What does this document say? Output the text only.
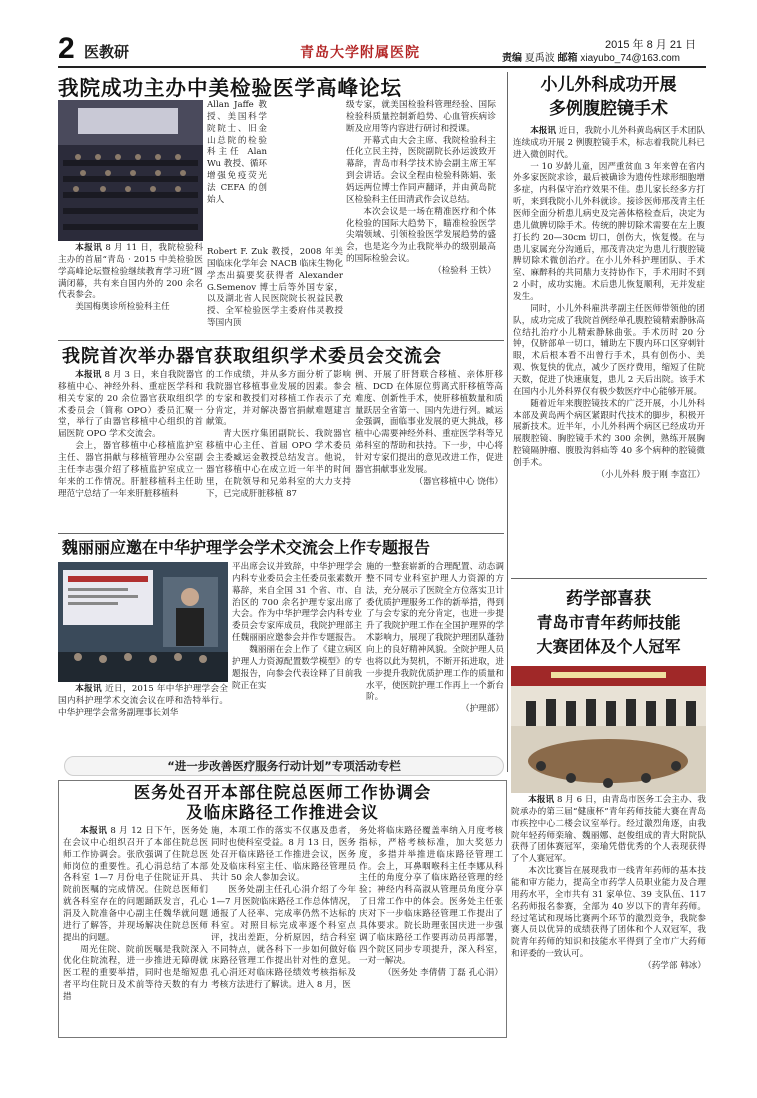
2 医教研	青岛大学附属医院	2015 年 8 月 21 日
责编 夏禹波 邮箱 xiayubo_74@163.com
我院成功主办中美检验医学高峰论坛

本报讯 8 月 11 日，我院检验科主办的首届“青岛 · 2015 中美检验医学高峰论坛暨检验继续教育学习班”圆满闭幕，共有来自国内外的 200 余名代表参会。

美国梅奥诊所检验科主任

Allan Jaffe 教授、美国科学院院士、旧金山总院的检验科主任 Alan Wu 教授、循环增强免疫荧光法 CEFA 的创始人

Robert F. Zuk 教授，2008 年美国临床化学年会 NACB 临床生物化学杰出搞要奖获得者 Alexander G.Semenov 博士后等外国专家，以及湖北省人民医院院长祝益民教授、全军检验医学主委府伟灵教授等国内顶

级专家，就美国检验科管理经验、国际检验科质量控制新趋势、心血管疾病诊断及应用等内容进行研讨和授课。

开幕式由大会主席、我院检验科主任化立民主持，医院副院长孙运波致开幕辞，青岛市科学技术协会副主席王军到会讲话。会议全程由检验科陈娟、张妈远两位博士作同声翻译，并由黄岛院区检验科主任田清武作会议总结。

本次会议是一场在精准医疗和个体化检验的国际大趋势下，瞄准检验医学尖端领域、引领检验医学发展趋势的盛会，也是迄今为止我院举办的级别最高的国际检验会议。

（检验科 王铁）

我院首次举办器官获取组织学术委员会交流会

本报讯 8 月 3 日，来自我院器官移植中心、神经外科、重症医学科和相关专家的 20 余位器官获取组织学术委员会（简称 OPO）委员汇聚一堂，举行了由器官移植中心组织的首届医院 OPO 学术交流会。

会上，器官移植中心移植监护室主任、器官捐献与移植管理办公室副主任李志强介绍了移植监护室成立一年来的工作情况。肝脏移植科主任助理范宁总结了一年来肝脏移植科

的工作成绩，并从多方面分析了影响我院器官移植事业发展的因素。参会的专家和教授们对移植工作表示了充分肯定，并对解决器官捐献难题建言献策。

青大医疗集团副院长、我院器官移植中心主任、首届 OPO 学术委员会主委臧运金教授总结发言。他说，器官移植中心在成立近一年半的时间里，在院领导和兄弟科室的大力支持下，已完成肝脏移植 87

例、开展了肝肾联合移植、亲体肝移植、DCD 在体原位剪离式肝移植等高难度、创新性手术，使肝移植数量和质量跃居全省第一、国内先进行列。臧运金强调，面临事业发展的更大挑战，移植中心需要神经外科、重症医学科等兄弟科室的帮助和扶持。下一步，中心将针对专家们提出的意见改进工作，促进器官捐献事业发展。

（器官移植中心 饶伟）

魏丽丽应邀在中华护理学会学术交流会上作专题报告

本报讯 近日，2015 年中华护理学会全国内科护理学术交流会议在呼和浩特举行。中华护理学会常务副理事长刘华

平出席会议并致辞，中华护理学会内科专业委员会主任委员张素数开幕辞，来自全国 31 个省、市、自治区的 700 余名护理专家出席了大会。作为中华护理学会内科专业委员会专家库成员，我院护理部主任魏丽丽应邀参会并作专题报告。

魏丽丽在会上作了《建立病区护理人力资源配置数学模型》的专题报告，向参会代表诠释了目前我院正在实

施的一整套崭新的合理配置、动态调整不同专业科室护理人力资源的方法，充分展示了医院全方位落实卫计委优质护理服务工作的新举措，得到了与会专家的充分肯定，也进一步提升了我院护理工作在全国护理界的学术影响力，展现了我院护理团队蓬勃向上的良好精神风貌。全院护理人员也将以此为契机，不断开拓进取，进一步提升我院优质护理工作的质量和水平，使医院护理工作再上一个新台阶。

（护理部）

“进一步改善医疗服务行动计划”专项活动专栏
医务处召开本部住院总医师工作协调会
及临床路径工作推进会议

本报讯 8 月 12 日下午，医务处在会议中心组织召开了本部住院总医师工作协调会。张欣强调了住院总医师岗位的重要性。孔心涓总结了本部各科室 1—7 月份电子住院证开具、院前医嘱的完成情况。住院总医师们就各科室存在的问题踊跃发言，孔心涓及入院准备中心副主任魏华就问题进行了解答，并现场解决住院总医师提出的问题。

周光住院、院前医嘱是我院深入优化住院流程，进一步推进无障碍就医工程的重要举措，同时也是缩短患者平均住院日及术前等待天数的有力措

施，本项工作的落实不仅惠及患者，同时也使科室受益。8 月 13 日，医务处召开临床路径工作推进会议，医务处及临床科室主任、临床路径管理员共计 50 余人参加会议。

医务处副主任孔心涓介绍了今年 1—7 月医院临床路径工作总体情况，通报了人径率、完成率仍然不达标的科室。对照目标完成率逐个科室点评，找出差距，分析原因，结合科室不同特点，就各科下一步如何做好临床路径管理工作提出针对性的意见。孔心涓还对临床路径绩效考核指标及考核方法进行了解读。进入 8 月，医

务处将临床路径覆盖率纳入月度考核指标，严格考核标准，加大奖惩力度，多措并举推进临床路径管理工作。会上，耳鼻咽喉科主任李娜从科主任的角度分享了临床路径管理的经验；神经内科高淑从管理员角度分享了日常工作中的体会。医务处主任张庆对下一步临床路径管理工作提出了具体要求。院长助理张国庆进一步强调了临床路径工作要再动员再部署，四个院区同步专项提升，深入科室，一对一解决。

（医务处 李倩倩 丁磊 孔心涓）

小儿外科成功开展
多例腹腔镜手术

本报讯 近日，我院小儿外科黄岛病区手术团队连续成功开展 2 例腹腔镜手术，标志着我院儿科已进入微创时代。

一 10 岁龄儿童，因严重贫血 3 年来曾在省内外多家医院求诊，最后被确诊为遗传性球形细胞增多症，内科保守治疗效果不佳。患儿家长经多方打听，来到我院小儿外科就诊。接诊医师邢茂青主任医师全面分析患儿病史及完善体格检查后，决定为患儿做脾切除手术。传统的脾切除术需要在左上腹打长约 20—30cm 切口，创伤大，恢复慢。在与患儿家属充分沟通后，邢茂青决定为患儿行腹腔镜脾切除术微创治疗。在小儿外科护理团队、手术室、麻醉科的共同鼎力支持协作下，手术用时不到 2 小时，成功实施。术后患儿恢复顺利，无并发症发生。

同时，小儿外科雇洪孝副主任医师带领他的团队，成功完成了我院首例经单孔腹腔镜精索静脉高位结扎治疗小儿精索静脉曲张。手术历时 20 分钟，仅脐部单一切口，辅助左下腹内环口区穿刺针眼，术后根本看不出曾行手术，具有创伤小、美观、恢复快的优点，减少了医疗费用，缩短了住院天数，促进了快速康复，患儿 2 天后出院。该手术在国内小儿外科界仅有极少数医疗中心能够开展。

随着近年来腹腔镜技术的广泛开展，小儿外科本部及黄岛两个病区紧跟时代技术的脚步，积极开展新技术。近半年，小儿外科两个病区已经成功开展腹腔镜、胸腔镜手术约 300 余例，熟练开展胸腔镜隔肿瘤、腹股沟斜疝等 40 多个病种的腔镜微创手术。

（小儿外科 殷于刚 李富江）

药学部喜获
青岛市青年药师技能
大赛团体及个人冠军

本报讯 8 月 6 日，由青岛市医务工会主办、我院承办的第三届“健康杯”青年药师技能大赛在青岛市疾控中心二楼会议室举行。经过激烈角逐，由我院年轻药师栾瑜、魏丽娜、赵俊组成的青大附院队获得了团体赛冠军，栾瑜凭借优秀的个人表现获得了个人赛冠军。

本次比赛旨在展现我市一线青年药师的基本技能和审方能力，提高全市药学人员职业能力及合理用药水平，全市共有 31 家单位、39 支队伍、117 名药师报名参赛，全部为 40 岁以下的青年药师。经过笔试和现场比赛两个环节的激烈竞争，我院参赛人员以优异的成绩获得了团体和个人双冠军，我院青年药师的知识和技能水平得到了全市广大药师和评委的一致认可。

（药学部 韩冰）
